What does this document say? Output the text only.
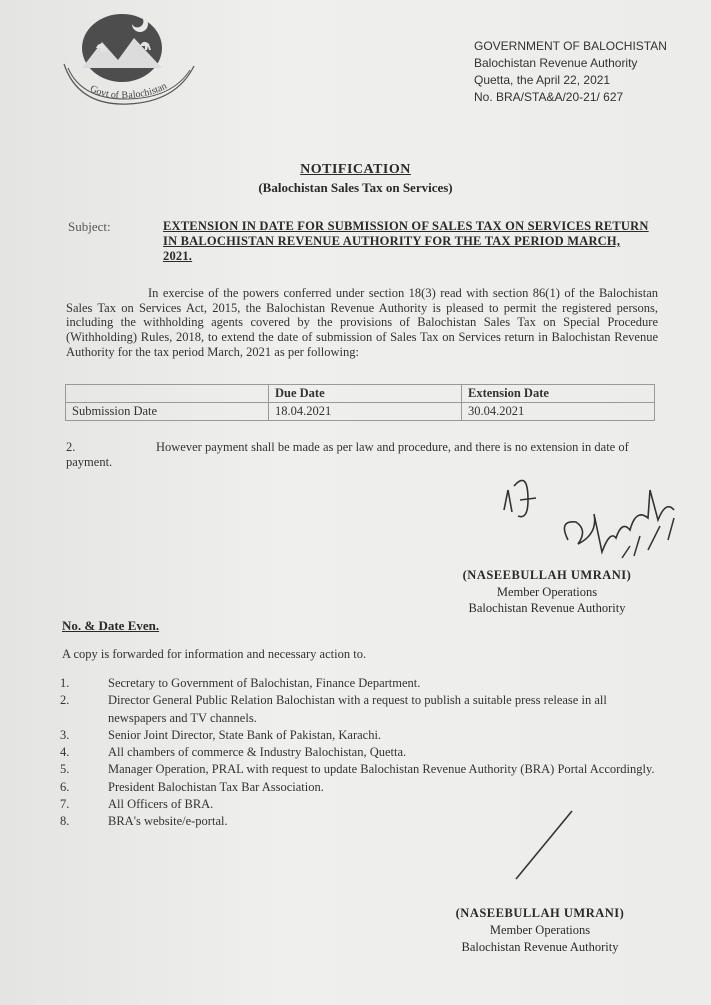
Govt of Balochistan
GOVERNMENT OF BALOCHISTAN
Balochistan Revenue Authority
Quetta, the April 22, 2021
No. BRA/STA&A/20-21/ 627
NOTIFICATION
(Balochistan Sales Tax on Services)
Subject:	EXTENSION IN DATE FOR SUBMISSION OF SALES TAX ON SERVICES RETURN IN BALOCHISTAN REVENUE AUTHORITY FOR THE TAX PERIOD MARCH, 2021.
In exercise of the powers conferred under section 18(3) read with section 86(1) of the Balochistan Sales Tax on Services Act, 2015, the Balochistan Revenue Authority is pleased to permit the registered persons, including the withholding agents covered by the provisions of Balochistan Sales Tax on Special Procedure (Withholding) Rules, 2018, to extend the date of submission of Sales Tax on Services return in Balochistan Revenue Authority for the tax period March, 2021 as per following:
	Due Date	Extension Date
Submission Date	18.04.2021	30.04.2021
2.	However payment shall be made as per law and procedure, and there is no extension in date of payment.
(NASEEBULLAH UMRANI)
Member Operations
Balochistan Revenue Authority
No. & Date Even.
A copy is forwarded for information and necessary action to.
1.	Secretary to Government of Balochistan, Finance Department.
2.	Director General Public Relation Balochistan with a request to publish a suitable press release in all newspapers and TV channels.
3.	Senior Joint Director, State Bank of Pakistan, Karachi.
4.	All chambers of commerce & Industry Balochistan, Quetta.
5.	Manager Operation, PRAL with request to update Balochistan Revenue Authority (BRA) Portal Accordingly.
6.	President Balochistan Tax Bar Association.
7.	All Officers of BRA.
8.	BRA's website/e-portal.
(NASEEBULLAH UMRANI)
Member Operations
Balochistan Revenue Authority
